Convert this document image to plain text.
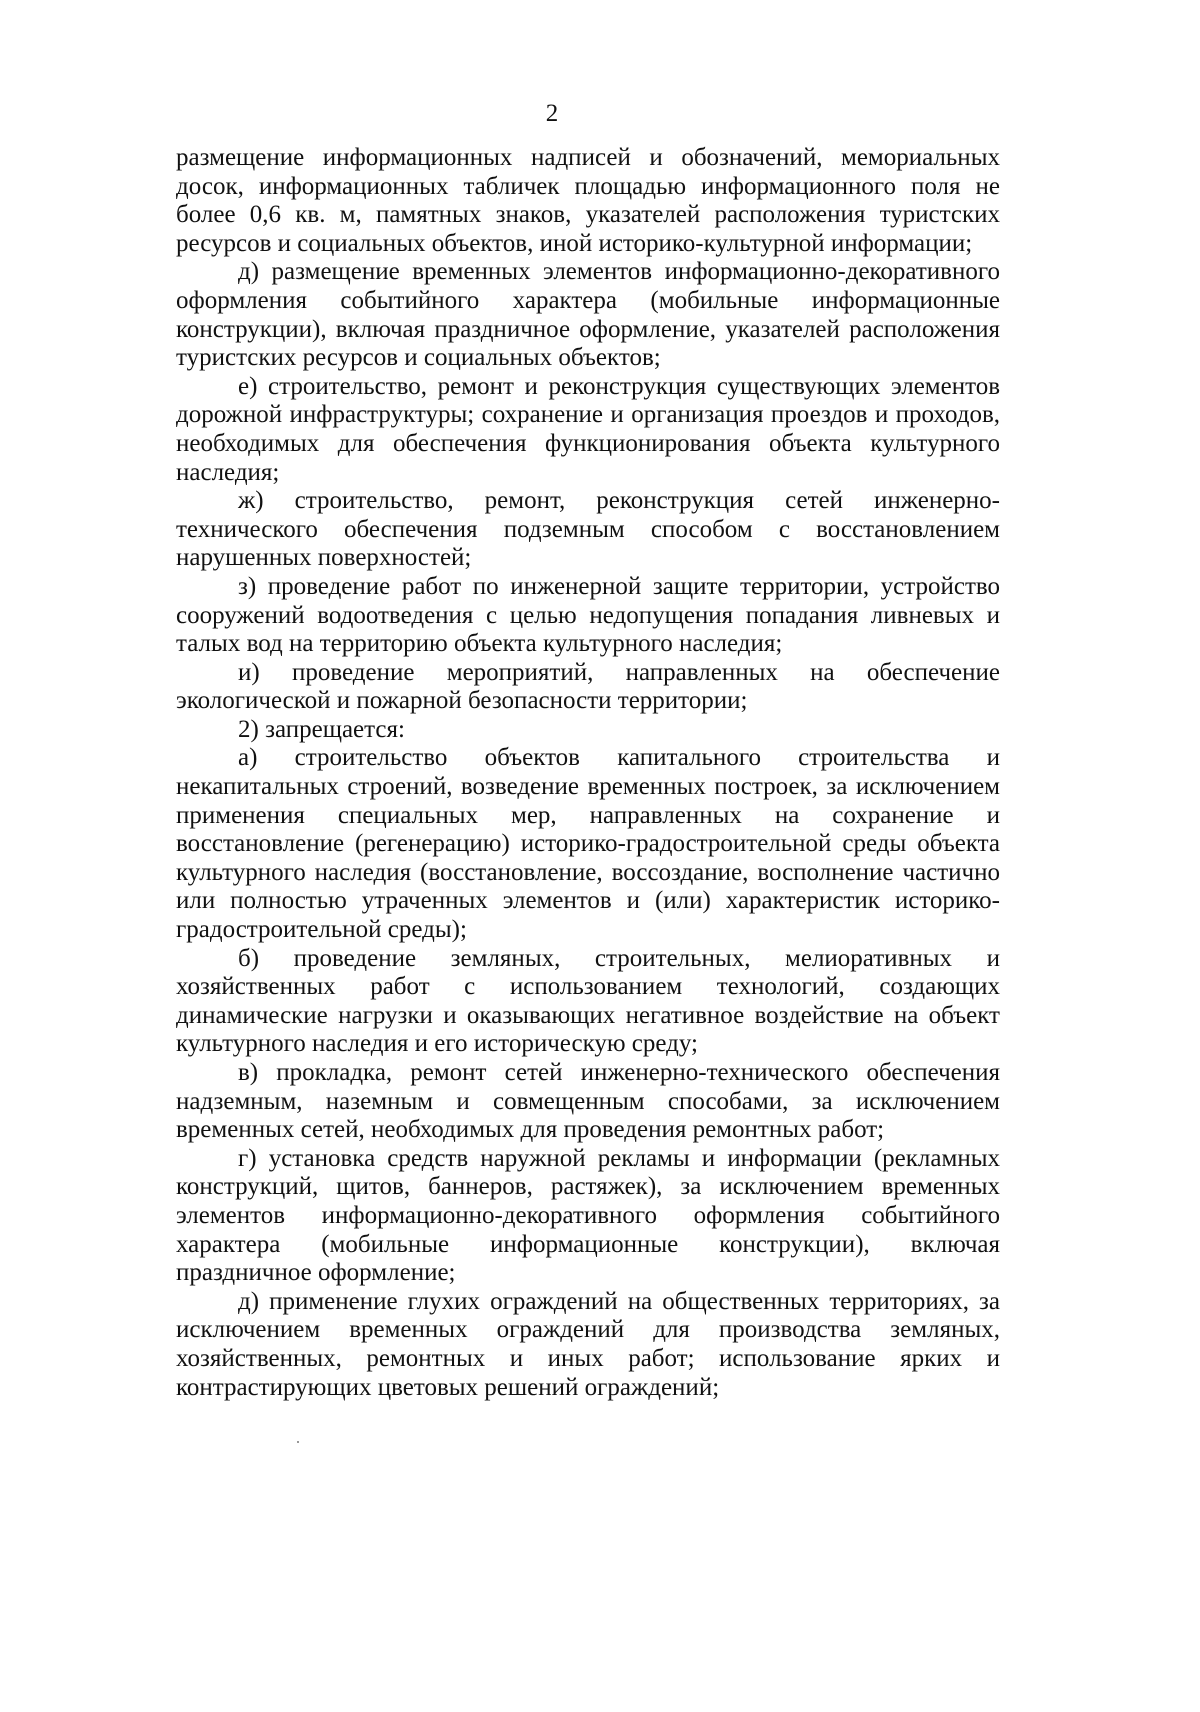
2

размещение информационных надписей и обозначений, мемориальных досок, информационных табличек площадью информационного поля не более 0,6 кв. м, памятных знаков, указателей расположения туристских ресурсов и социальных объектов, иной историко-культурной информации;

д) размещение временных элементов информационно-декоративного оформления событийного характера (мобильные информационные конструкции), включая праздничное оформление, указателей расположения туристских ресурсов и социальных объектов;

е) строительство, ремонт и реконструкция существующих элементов дорожной инфраструктуры; сохранение и организация проездов и проходов, необходимых для обеспечения функционирования объекта культурного наследия;

ж) строительство, ремонт, реконструкция сетей инженерно-технического обеспечения подземным способом с восстановлением нарушенных поверхностей;

з) проведение работ по инженерной защите территории, устройство сооружений водоотведения с целью недопущения попадания ливневых и талых вод на территорию объекта культурного наследия;

и) проведение мероприятий, направленных на обеспечение экологической и пожарной безопасности территории;

2) запрещается:

а) строительство объектов капитального строительства и некапитальных строений, возведение временных построек, за исключением применения специальных мер, направленных на сохранение и восстановление (регенерацию) историко-градостроительной среды объекта культурного наследия (восстановление, воссоздание, восполнение частично или полностью утраченных элементов и (или) характеристик историко-градостроительной среды);

б) проведение земляных, строительных, мелиоративных и хозяйственных работ с использованием технологий, создающих динамические нагрузки и оказывающих негативное воздействие на объект культурного наследия и его историческую среду;

в) прокладка, ремонт сетей инженерно-технического обеспечения надземным, наземным и совмещенным способами, за исключением временных сетей, необходимых для проведения ремонтных работ;

г) установка средств наружной рекламы и информации (рекламных конструкций, щитов, баннеров, растяжек), за исключением временных элементов информационно-декоративного оформления событийного характера (мобильные информационные конструкции), включая праздничное оформление;

д) применение глухих ограждений на общественных территориях, за исключением временных ограждений для производства земляных, хозяйственных, ремонтных и иных работ; использование ярких и контрастирующих цветовых решений ограждений;
